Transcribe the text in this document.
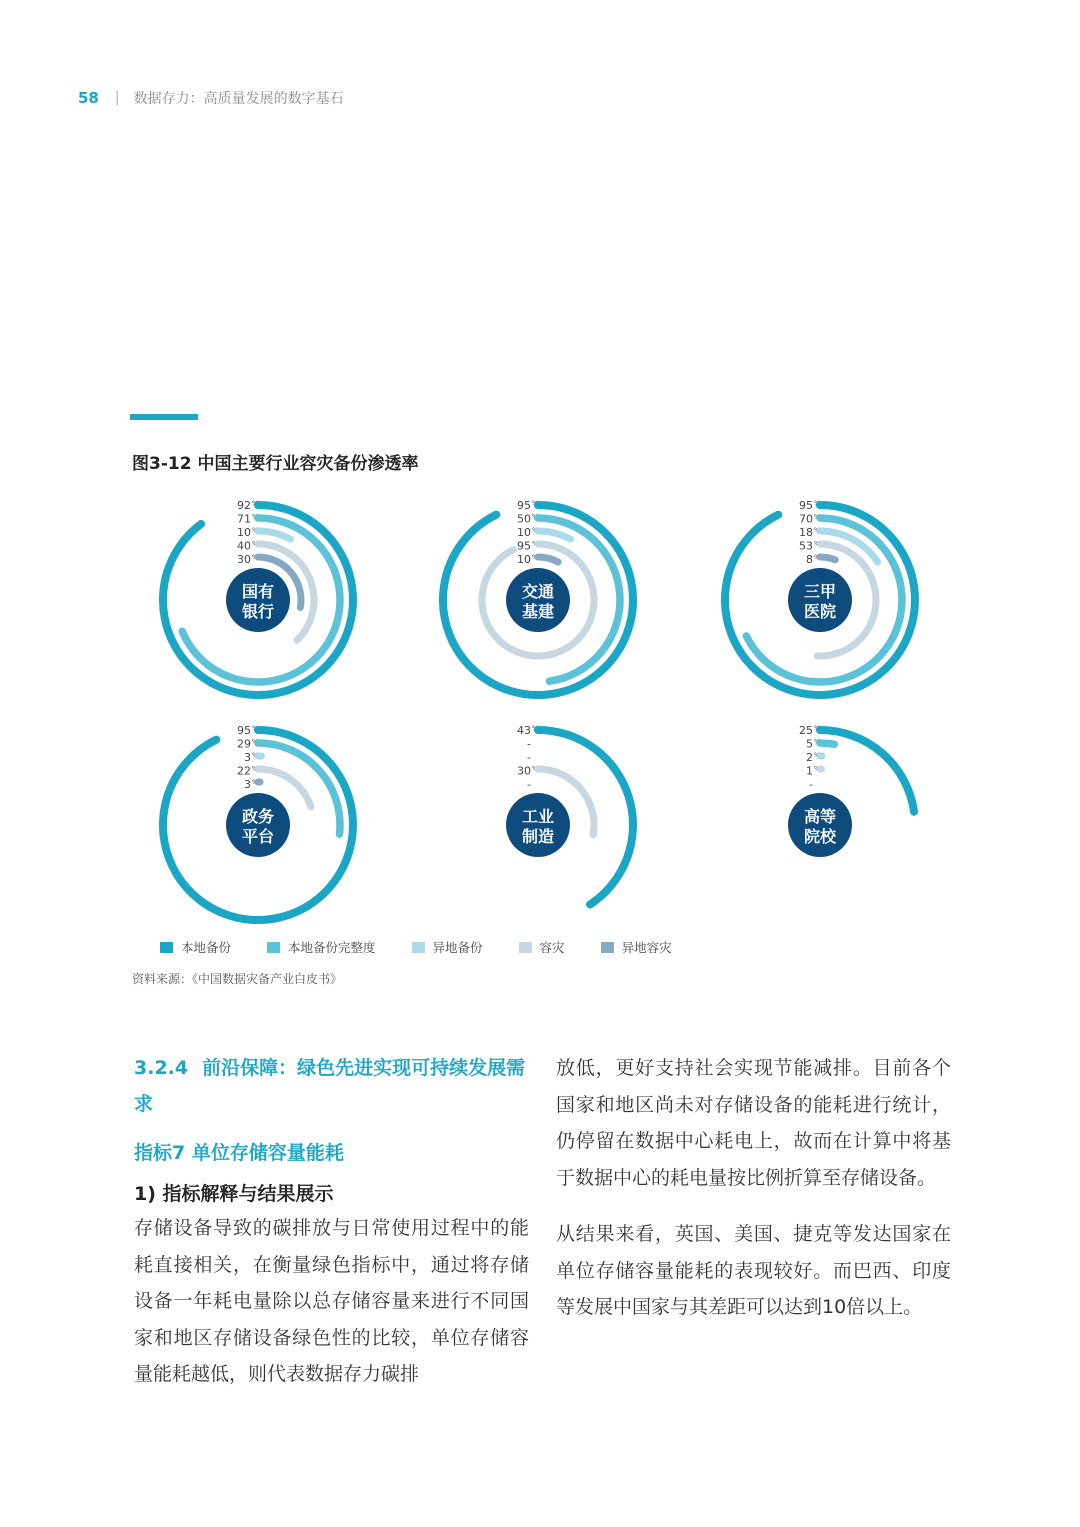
58 | 数据存力：高质量发展的数字基石
图3-12 中国主要行业容灾备份渗透率
92 %
71 %
10 %
40 %
30 %
国有
银行
95 %
50 %
10 %
95 %
10 %
交通
基建
95 %
70 %
18 %
53 %
8 %
三甲
医院
95 %
29 %
3 %
22 %
3 %
政务
平台
43 %
-
-
30 %
-
工业
制造
25 %
5 %
2 %
1 %
-
高等
院校
本地备份	本地备份完整度	异地备份	容灾	异地容灾
资料来源：《中国数据灾备产业白皮书》

3.2.4 前沿保障：绿色先进实现可持续发展需求

指标7 单位存储容量能耗

1) 指标解释与结果展示

存储设备导致的碳排放与日常使用过程中的能耗直接相关，在衡量绿色指标中，通过将存储设备一年耗电量除以总存储容量来进行不同国家和地区存储设备绿色性的比较，单位存储容量能耗越低，则代表数据存力碳排

放低，更好支持社会实现节能减排。目前各个国家和地区尚未对存储设备的能耗进行统计，仍停留在数据中心耗电上，故而在计算中将基于数据中心的耗电量按比例折算至存储设备。

从结果来看，英国、美国、捷克等发达国家在单位存储容量能耗的表现较好。而巴西、印度等发展中国家与其差距可以达到10倍以上。
